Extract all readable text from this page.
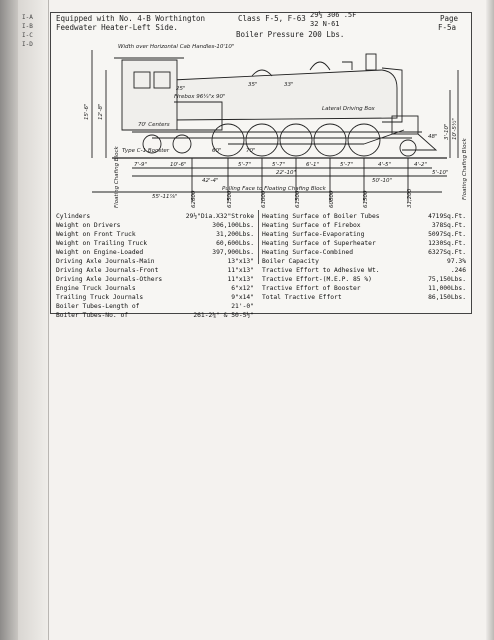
I-A
I-B
I-C
I-D
Equipped with No. 4-B Worthington
Feedwater Heater-Left Side.
Class F-5, F-63 29½ 306 .5F
32 N-61
Boiler Pressure 200 Lbs.
Page
F-5a
Width over Horizontal Cab Handles-10'10"
Firebox 96¼"x 90"
70' Centers
Type C-1 Booster
Lateral Driving Box
Pulling Face to Floating Chafing Block
7'-9"	10'-6"	5'-7"	5'-7"	6'-1"	5'-7"	4'-5"	4'-2"
22'-10"
42'-4"	50'-10"
5'-10"
55'-11⅞"
15'-6" 12'-8"
3'-10" 10'-5½"
Floating Chafing Block	Floating Chafing Block
62600	61500	61000	61300	60800	61500	31,200
35"	33"
60"	70"
48"
25"
Cylinders	29½"Dia.X32"Stroke
Weight on Drivers	306,100Lbs.
Weight on Front Truck	31,200Lbs.
Weight on Trailing Truck	60,600Lbs.
Weight on Engine-Loaded	397,900Lbs.
Driving Axle Journals-Main	13"x13"
Driving Axle Journals-Front	11"x13"
Driving Axle Journals-Others	11"x13"
Engine Truck Journals	6"x12"
Trailing Truck Journals	9"x14"
Boiler Tubes-Length of	21'-0"
Boiler Tubes-No. of	261-2¼" & 50-5½"
Heating Surface of Boiler Tubes	4719Sq.Ft.
Heating Surface of Firebox	378Sq.Ft.
Heating Surface-Evaporating	5097Sq.Ft.
Heating Surface of Superheater	1230Sq.Ft.
Heating Surface-Combined	6327Sq.Ft.
Boiler Capacity	97.3%
Tractive Effort to Adhesive Wt.	.246
Tractive Effort-(M.E.P. 85 %)	75,150Lbs.
Tractive Effort of Booster	11,000Lbs.
Total Tractive Effort	86,150Lbs.
